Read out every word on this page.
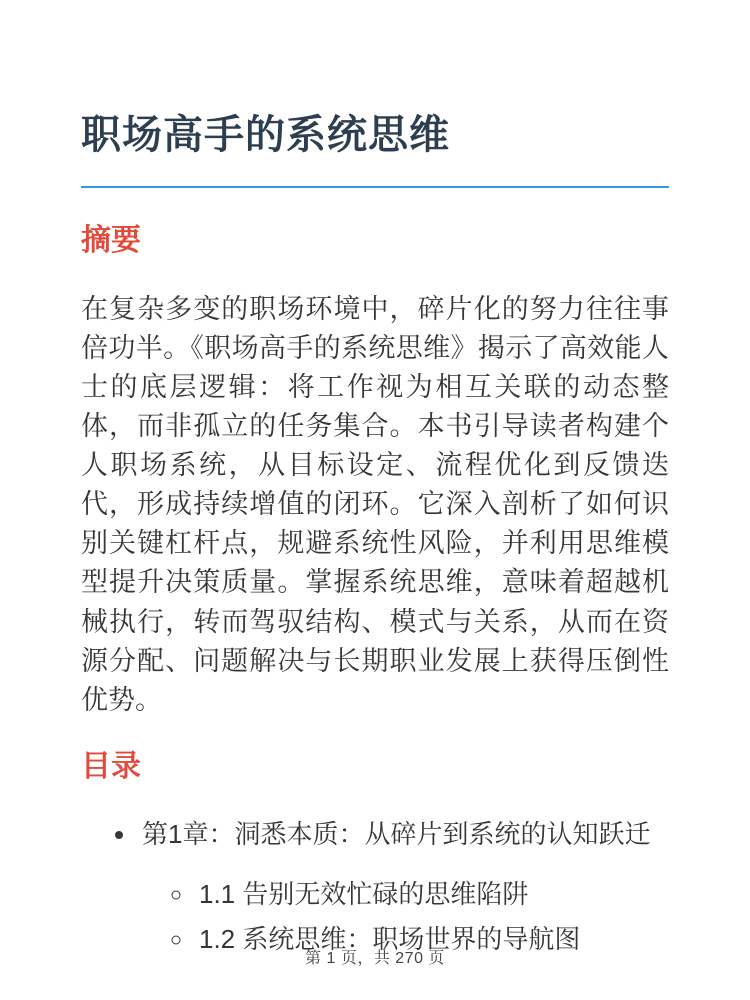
职场高手的系统思维
摘要

在复杂多变的职场环境中，碎片化的努力往往事倍功半。《职场高手的系统思维》揭示了高效能人士的底层逻辑：将工作视为相互关联的动态整体，而非孤立的任务集合。本书引导读者构建个人职场系统，从目标设定、流程优化到反馈迭代，形成持续增值的闭环。它深入剖析了如何识别关键杠杆点，规避系统性风险，并利用思维模型提升决策质量。掌握系统思维，意味着超越机械执行，转而驾驭结构、模式与关系，从而在资源分配、问题解决与长期职业发展上获得压倒性优势。

目录
• 第1章：洞悉本质：从碎片到系统的认知跃迁
◦ 1.1 告别无效忙碌的思维陷阱
◦ 1.2 系统思维：职场世界的导航图
第 1 页，共 270 页
